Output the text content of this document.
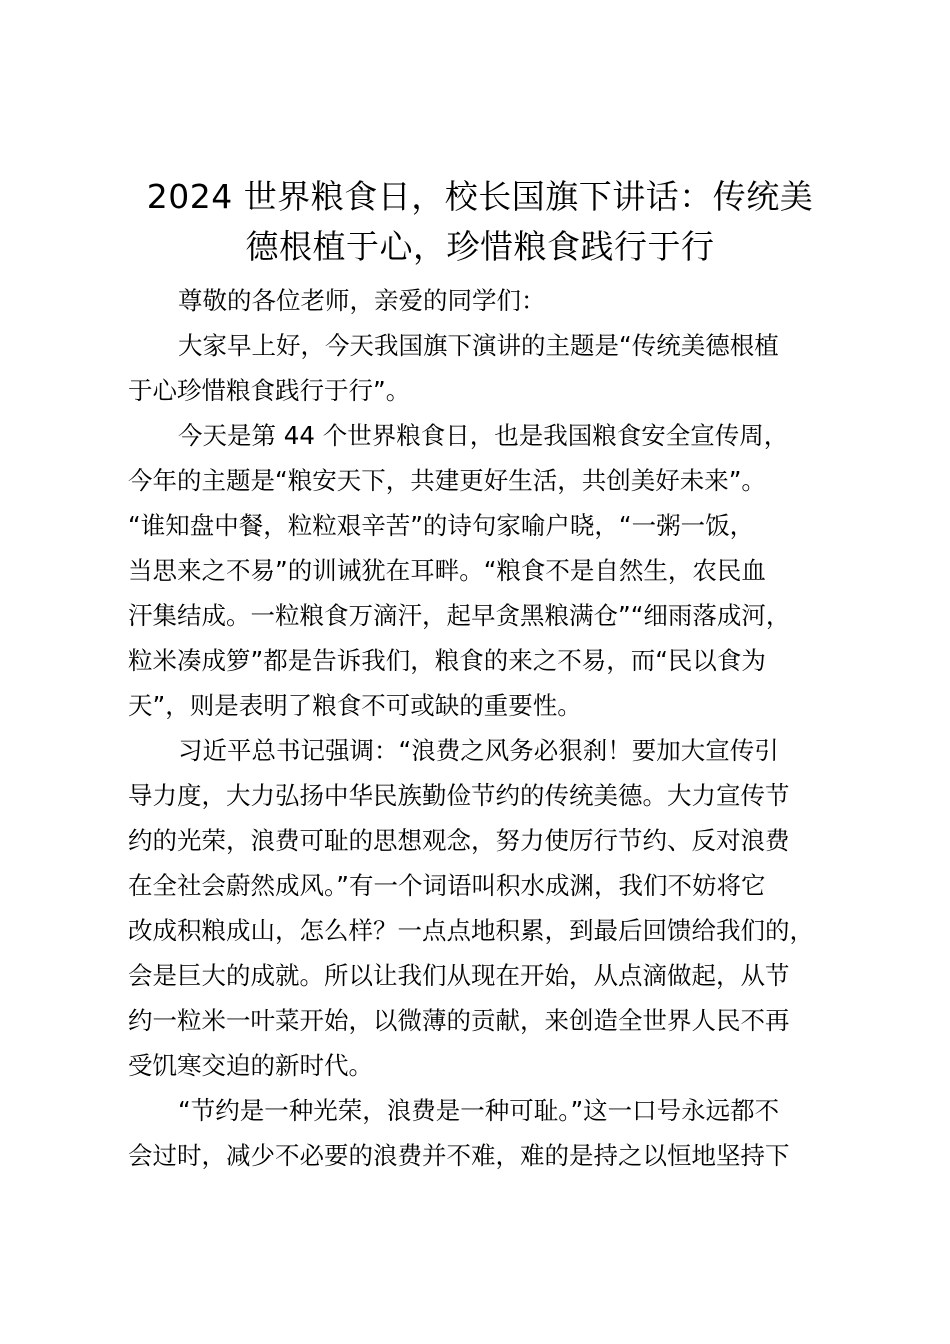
2024 世界粮食日，校长国旗下讲话：传统美
德根植于心，珍惜粮食践行于行
尊敬的各位老师，亲爱的同学们：
大家早上好，今天我国旗下演讲的主题是“传统美德根植
于心珍惜粮食践行于行”。
今天是第 44 个世界粮食日，也是我国粮食安全宣传周，
今年的主题是“粮安天下，共建更好生活，共创美好未来”。
“谁知盘中餐，粒粒艰辛苦”的诗句家喻户晓，“一粥一饭，
当思来之不易”的训诫犹在耳畔。“粮食不是自然生，农民血
汗集结成。一粒粮食万滴汗，起早贪黑粮满仓”“细雨落成河，
粒米凑成箩”都是告诉我们，粮食的来之不易，而“民以食为
天”，则是表明了粮食不可或缺的重要性。
习近平总书记强调：“浪费之风务必狠刹！要加大宣传引
导力度，大力弘扬中华民族勤俭节约的传统美德。大力宣传节
约的光荣，浪费可耻的思想观念，努力使厉行节约、反对浪费
在全社会蔚然成风。”有一个词语叫积水成渊，我们不妨将它
改成积粮成山，怎么样？一点点地积累，到最后回馈给我们的，
会是巨大的成就。所以让我们从现在开始，从点滴做起，从节
约一粒米一叶菜开始，以微薄的贡献，来创造全世界人民不再
受饥寒交迫的新时代。
“节约是一种光荣，浪费是一种可耻。”这一口号永远都不
会过时，减少不必要的浪费并不难，难的是持之以恒地坚持下
